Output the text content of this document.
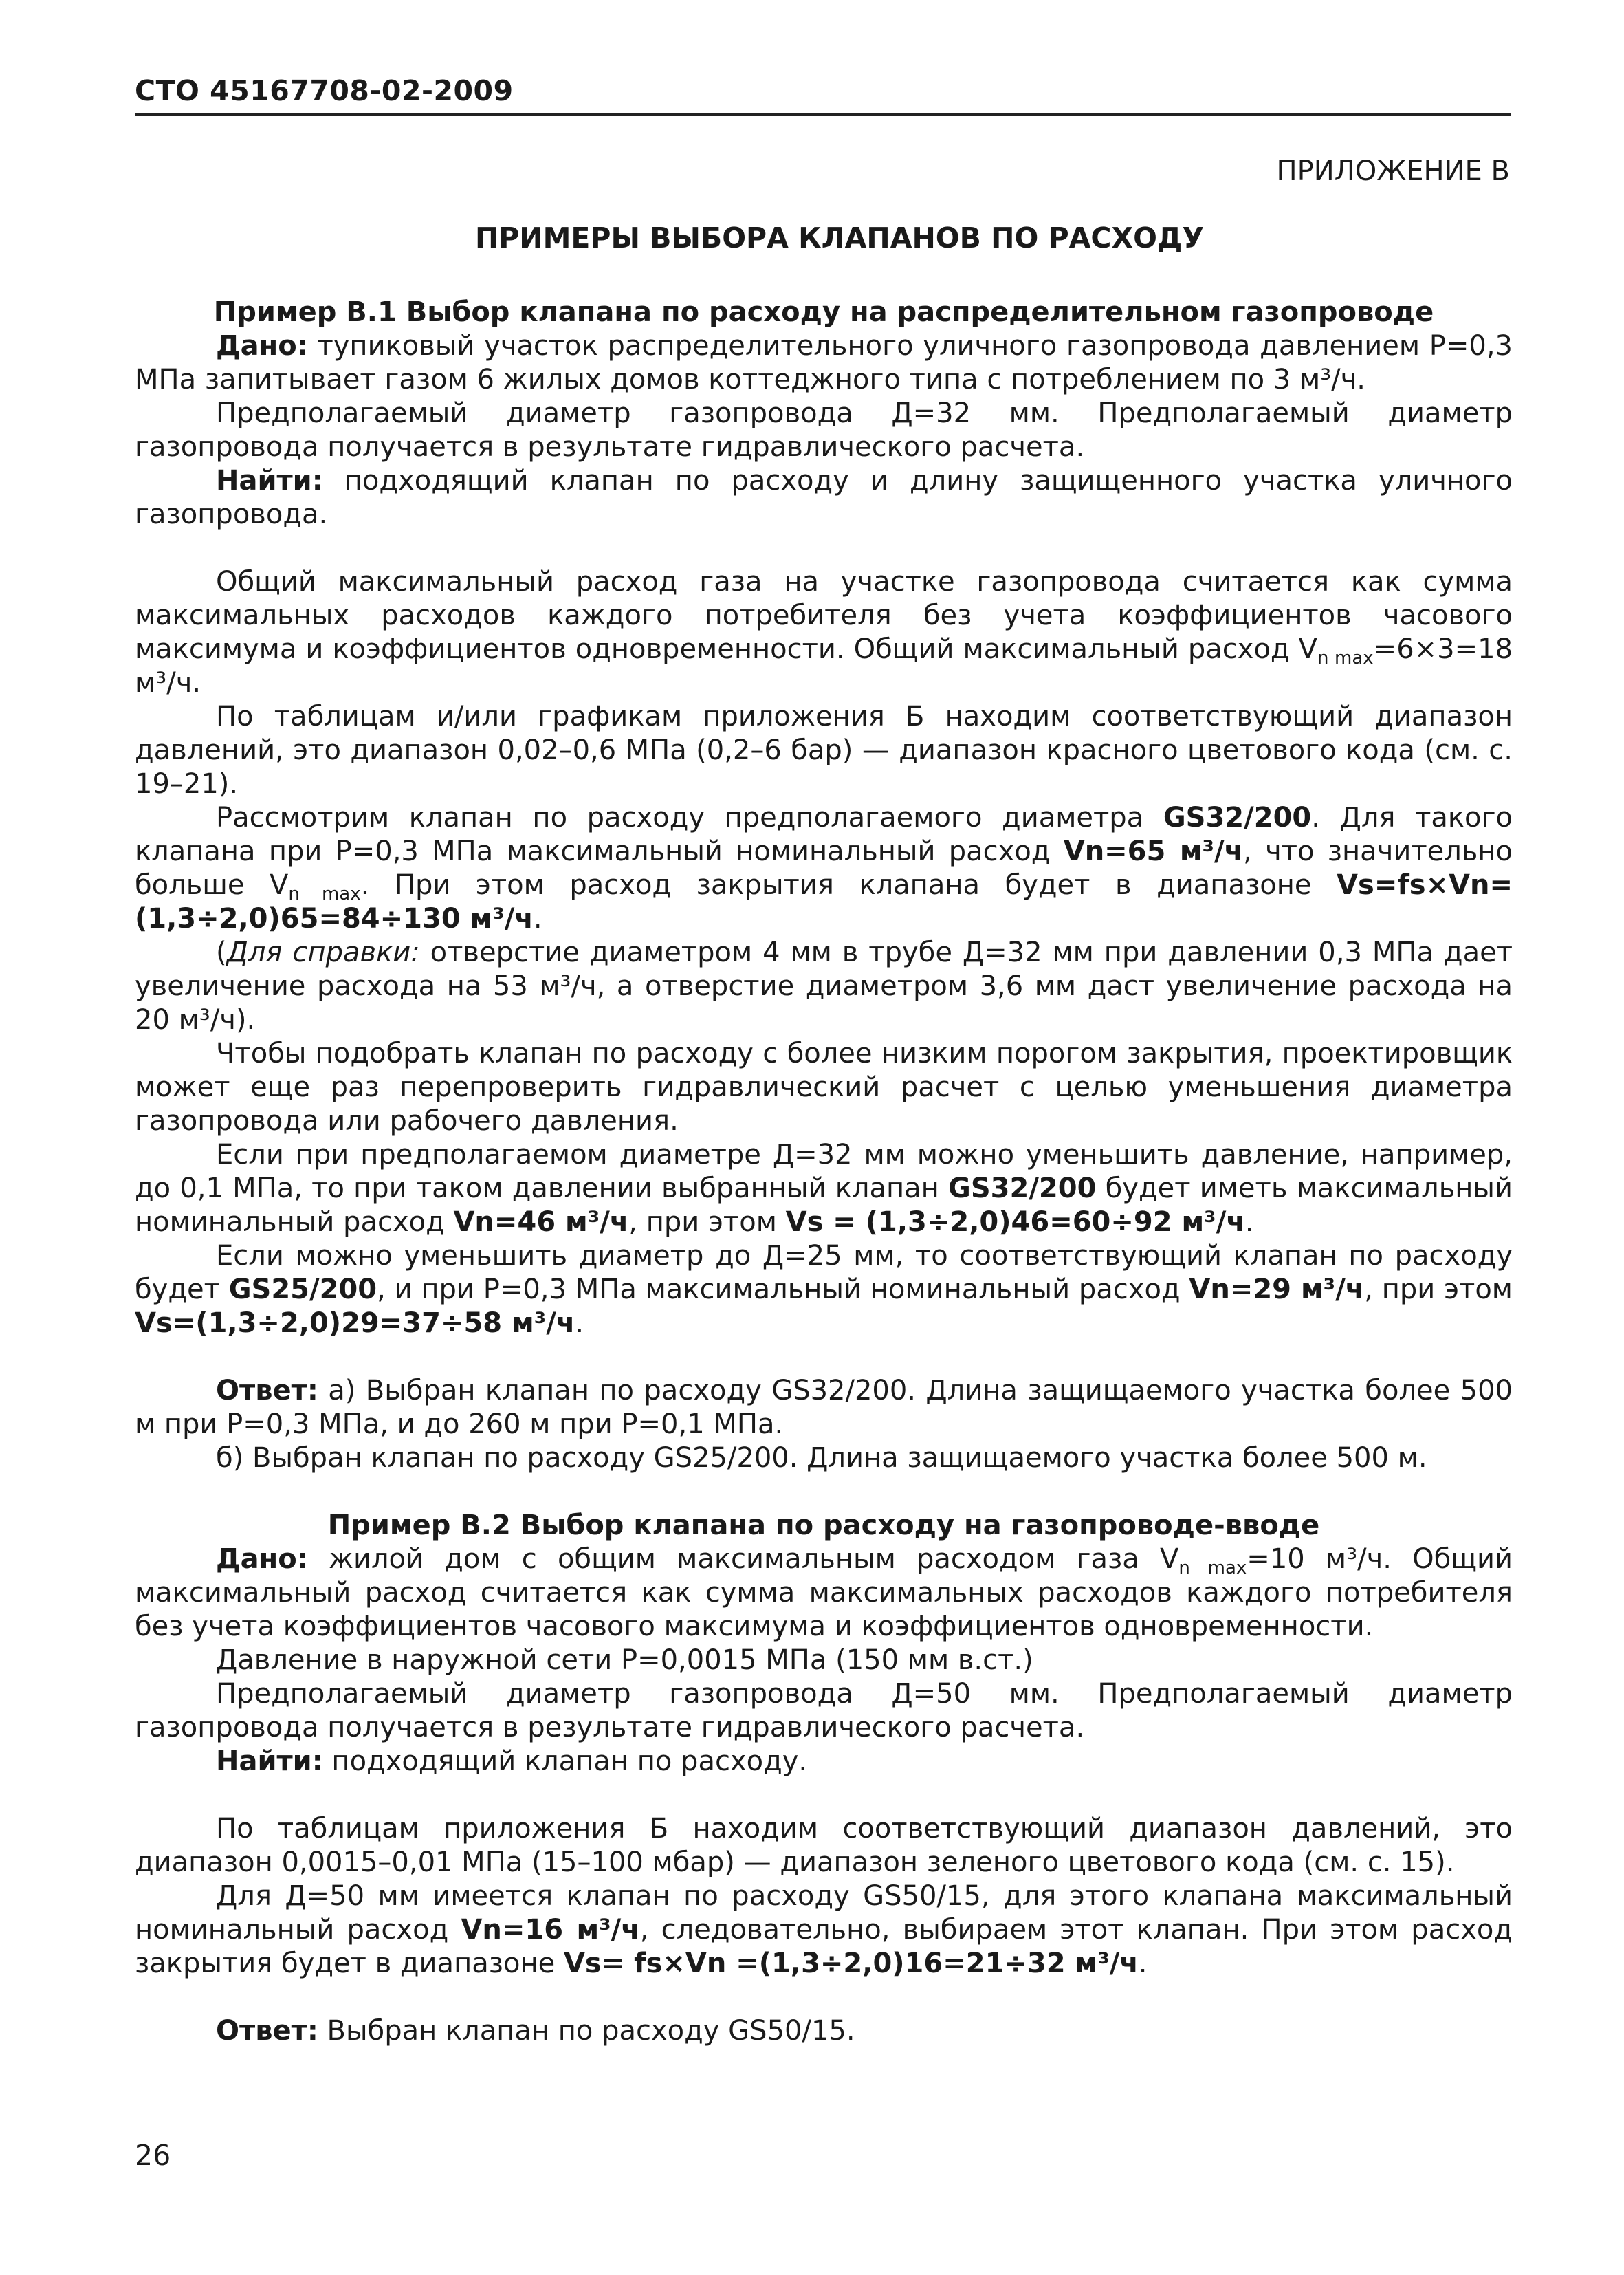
СТО 45167708-02-2009
ПРИЛОЖЕНИЕ В
ПРИМЕРЫ ВЫБОРА КЛАПАНОВ ПО РАСХОДУ
Пример В.1 Выбор клапана по расходу на распределительном газопроводе

Дано: тупиковый участок распределительного уличного газопровода давлением P=0,3 МПа запитывает газом 6 жилых домов коттеджного типа с потреблением по 3 м³/ч.

Предполагаемый диаметр газопровода Д=32 мм. Предполагаемый диаметр газопровода получается в результате гидравлического расчета.

Найти: подходящий клапан по расходу и длину защищенного участка уличного газопровода.

Общий максимальный расход газа на участке газопровода считается как сумма максимальных расходов каждого потребителя без учета коэффициентов часового максимума и коэффициентов одновременности. Общий максимальный расход $V_{n max}=6\times 3=18$ м³/ч.

По таблицам и/или графикам приложения Б находим соответствующий диапазон давлений, это диапазон 0,02–0,6 МПа (0,2–6 бар) — диапазон красного цветового кода (см. с. 19–21).

Рассмотрим клапан по расходу предполагаемого диаметра GS32/200. Для такого клапана при P=0,3 МПа максимальный номинальный расход Vn=65 м³/ч, что значительно больше $V_{n max}$. При этом расход закрытия клапана будет в диапазоне Vs=fs×Vn=(1,3÷2,0)65=84÷130 м³/ч.

(Для справки: отверстие диаметром 4 мм в трубе Д=32 мм при давлении 0,3 МПа дает увеличение расхода на 53 м³/ч, а отверстие диаметром 3,6 мм даст увеличение расхода на 20 м³/ч).

Чтобы подобрать клапан по расходу с более низким порогом закрытия, проектировщик может еще раз перепроверить гидравлический расчет с целью уменьшения диаметра газопровода или рабочего давления.

Если при предполагаемом диаметре Д=32 мм можно уменьшить давление, например, до 0,1 МПа, то при таком давлении выбранный клапан GS32/200 будет иметь максимальный номинальный расход Vn=46 м³/ч, при этом Vs = (1,3÷2,0)46=60÷92 м³/ч.

Если можно уменьшить диаметр до Д=25 мм, то соответствующий клапан по расходу будет GS25/200, и при P=0,3 МПа максимальный номинальный расход Vn=29 м³/ч, при этом Vs=(1,3÷2,0)29=37÷58 м³/ч.

Ответ: а) Выбран клапан по расходу GS32/200. Длина защищаемого участка более 500 м при P=0,3 МПа, и до 260 м при P=0,1 МПа.

б) Выбран клапан по расходу GS25/200. Длина защищаемого участка более 500 м.

Пример В.2 Выбор клапана по расходу на газопроводе-вводе

Дано: жилой дом с общим максимальным расходом газа $V_{n max}=10$ м³/ч. Общий максимальный расход считается как сумма максимальных расходов каждого потребителя без учета коэффициентов часового максимума и коэффициентов одновременности.

Давление в наружной сети P=0,0015 МПа (150 мм в.ст.)

Предполагаемый диаметр газопровода Д=50 мм. Предполагаемый диаметр газопровода получается в результате гидравлического расчета.

Найти: подходящий клапан по расходу.

По таблицам приложения Б находим соответствующий диапазон давлений, это диапазон 0,0015–0,01 МПа (15–100 мбар) — диапазон зеленого цветового кода (см. с. 15).

Для Д=50 мм имеется клапан по расходу GS50/15, для этого клапана максимальный номинальный расход Vn=16 м³/ч, следовательно, выбираем этот клапан. При этом расход закрытия будет в диапазоне Vs= fs×Vn =(1,3÷2,0)16=21÷32 м³/ч.

Ответ: Выбран клапан по расходу GS50/15.

26
